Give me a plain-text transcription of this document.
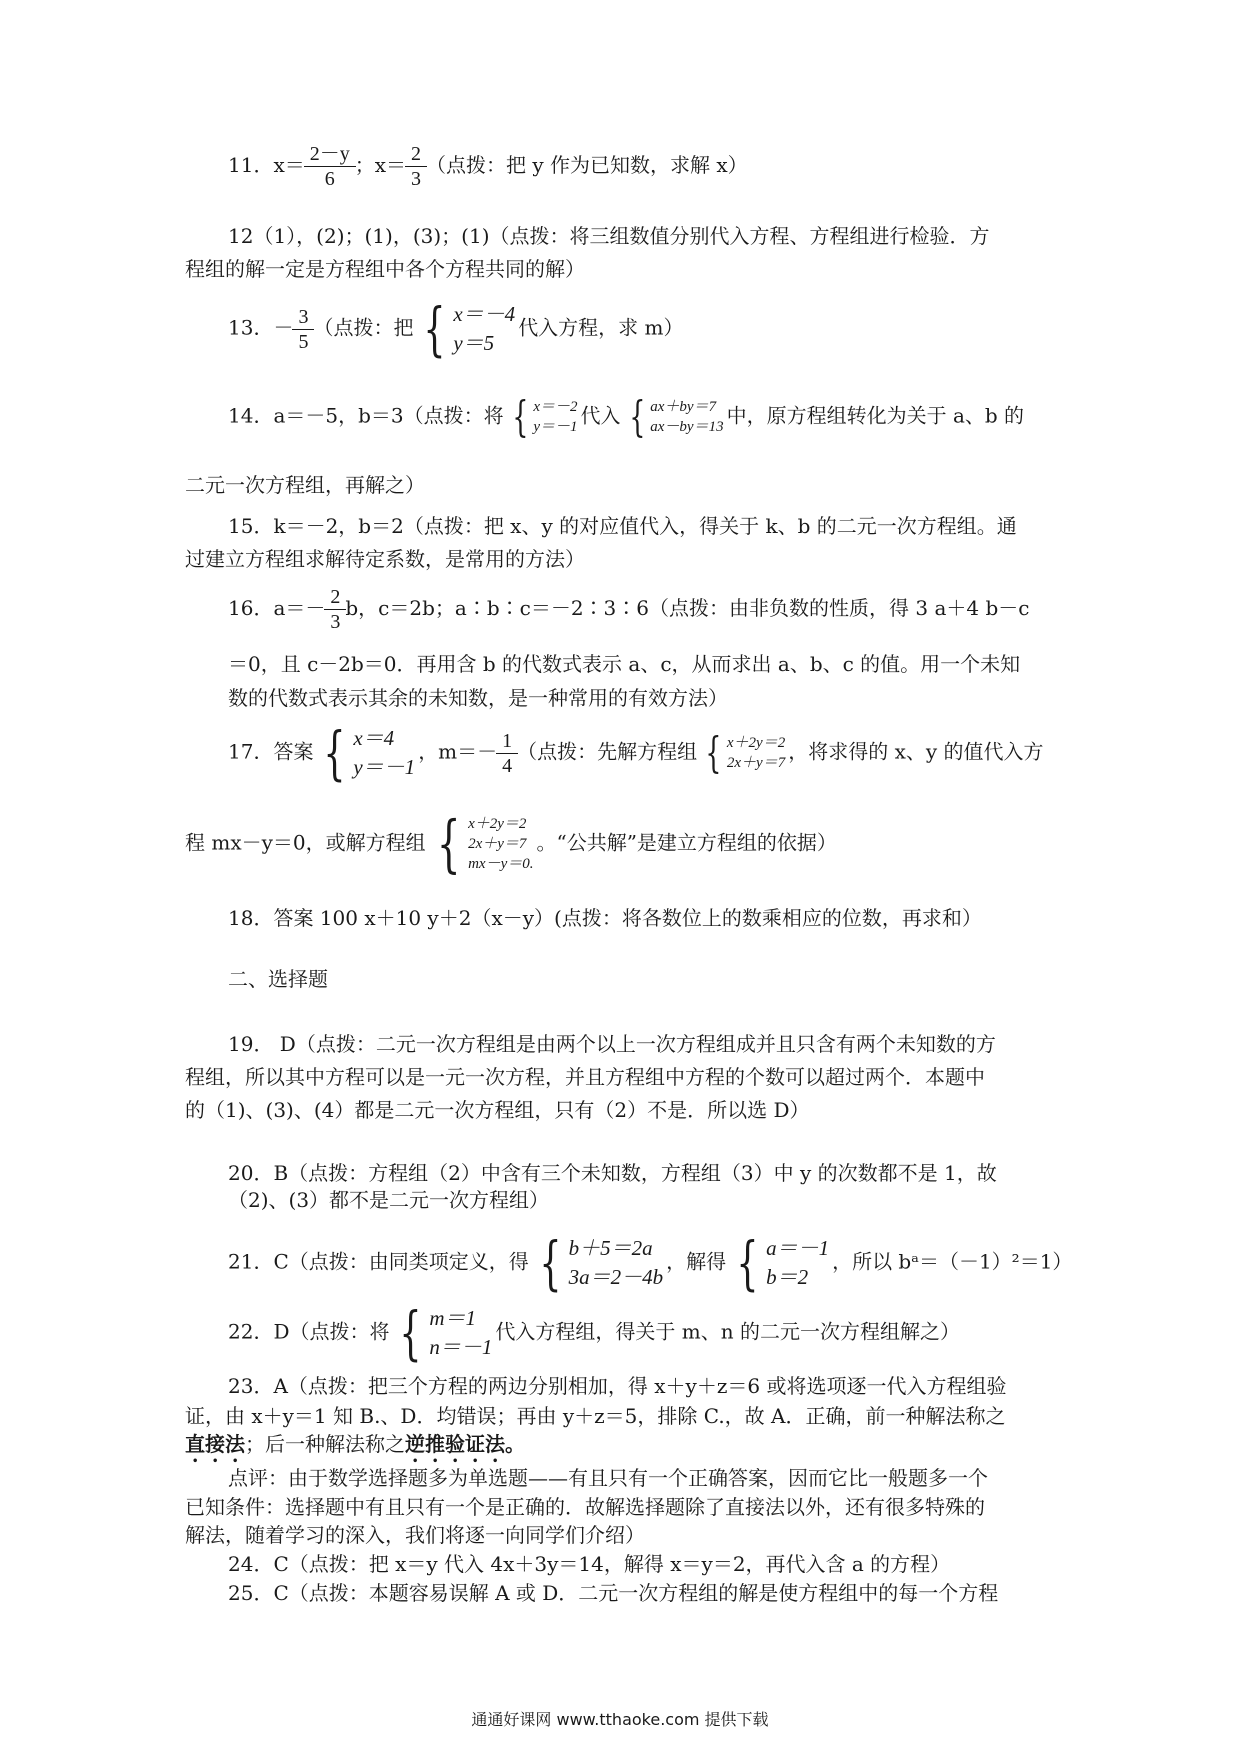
11．$x= \frac{2-y}{6}$ ；$x= \frac{2}{3}$ （点拨：把 y 作为已知数，求解 x）
12（1），(2)；(1)，(3)；(1)（点拨：将三组数值分别代入方程、方程组进行检验．方
程组的解一定是方程组中各个方程共同的解）
13．－ $\frac{3}{5}$ （点拨：把 { x＝－4
y＝5
代入方程，求 m）
14．a＝－5，b＝3（点拨：将 { x＝－2
y＝－1 代入 { ax＋by＝7
ax－by＝13 中，原方程组转化为关于 a、b 的
二元一次方程组，再解之）
15．k＝－2，b＝2（点拨：把 x、y 的对应值代入，得关于 k、b 的二元一次方程组。通
过建立方程组求解待定系数，是常用的方法）
16．$a=- \frac{2}{3}$ b，c＝2b；a∶b∶c＝－2∶3∶6（点拨：由非负数的性质，得 3 a＋4 b－c
＝0，且 c－2b＝0．再用含 b 的代数式表示 a、c，从而求出 a、b、c 的值。用一个未知
数的代数式表示其余的未知数，是一种常用的有效方法）
17．答案 { x＝4
y＝－1
，$m=- \frac{1}{4}$ （点拨：先解方程组 { x＋2y＝2
2x＋y＝7 ，将求得的 x、y 的值代入方
程 mx－y＝0，或解方程组 { x＋2y＝2
2x＋y＝7
mx－y＝0.
。“公共解”是建立方程组的依据）
18．答案 100 x＋10 y＋2（x－y）(点拨：将各数位上的数乘相应的位数，再求和）
二、选择题
19． D（点拨：二元一次方程组是由两个以上一次方程组成并且只含有两个未知数的方
程组，所以其中方程可以是一元一次方程，并且方程组中方程的个数可以超过两个．本题中
的（1)、(3)、(4）都是二元一次方程组，只有（2）不是．所以选 D）
20．B（点拨：方程组（2）中含有三个未知数，方程组（3）中 y 的次数都不是 1，故
（2)、(3）都不是二元一次方程组）
21．C（点拨：由同类项定义，得 { b＋5＝2a
3a＝2－4b
，解得 { a＝－1
b＝2
，所以 bᵃ＝（－1）²＝1）
22．D（点拨：将 { m＝1
n＝－1
代入方程组，得关于 m、n 的二元一次方程组解之）
23．A（点拨：把三个方程的两边分别相加，得 x＋y＋z＝6 或将选项逐一代入方程组验
证，由 x＋y＝1 知 B.、D．均错误；再由 y＋z＝5，排除 C.，故 A．正确，前一种解法称之
直接法；后一种解法称之逆推验证法。
点评：由于数学选择题多为单选题——有且只有一个正确答案，因而它比一般题多一个
已知条件：选择题中有且只有一个是正确的．故解选择题除了直接法以外，还有很多特殊的
解法，随着学习的深入，我们将逐一向同学们介绍）
24．C（点拨：把 x＝y 代入 4x＋3y＝14，解得 x＝y＝2，再代入含 a 的方程）
25．C（点拨：本题容易误解 A 或 D．二元一次方程组的解是使方程组中的每一个方程
通通好课网 www.tthaoke.com 提供下载
